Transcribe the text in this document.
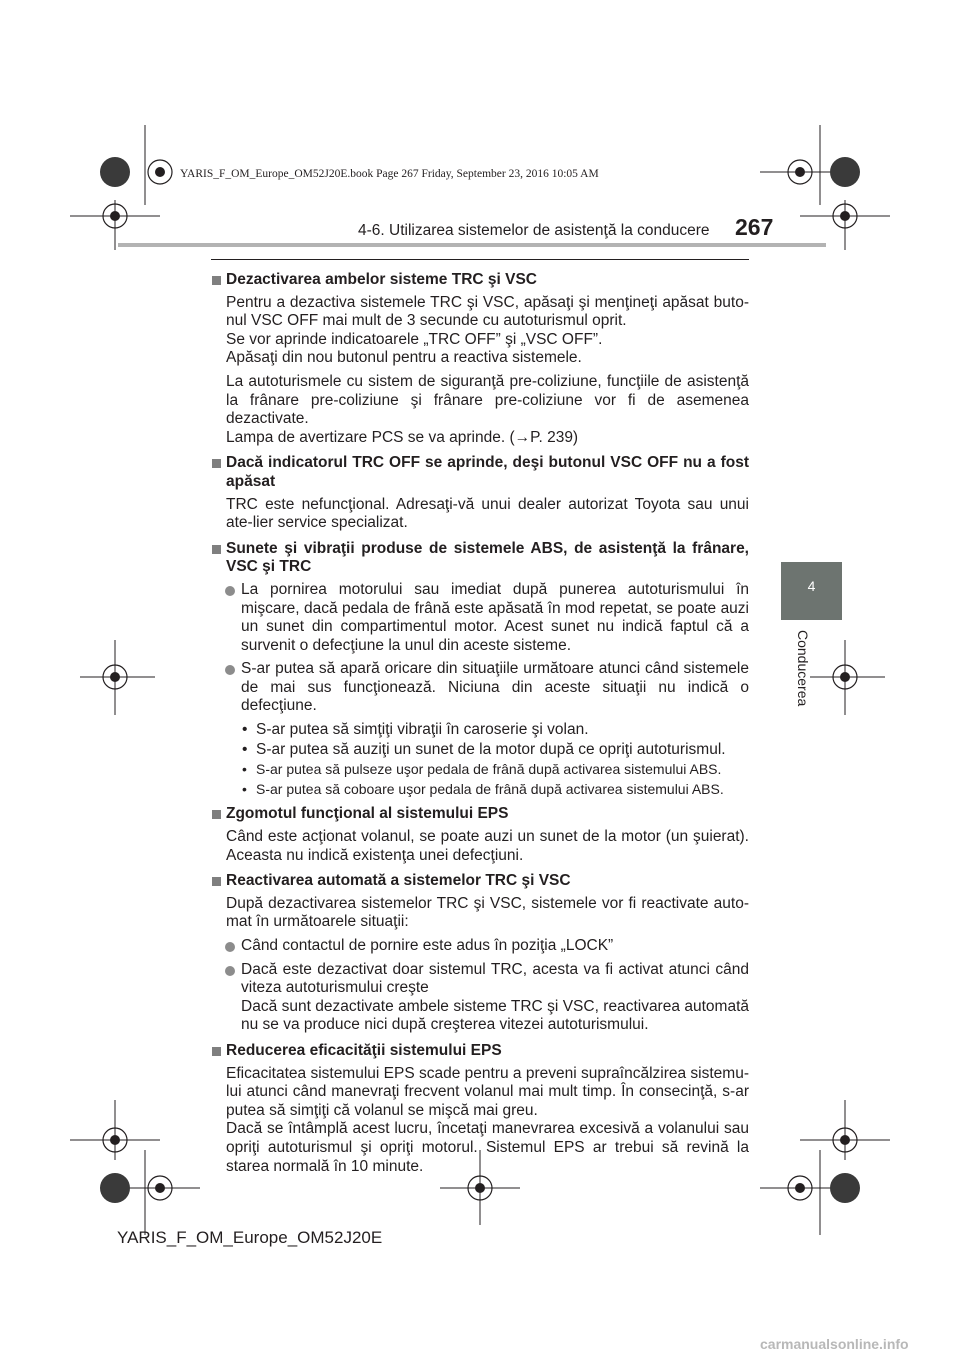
YARIS_F_OM_Europe_OM52J20E.book Page 267 Friday, September 23, 2016 10:05 AM
4-6. Utilizarea sistemelor de asistenţă la conducere 267
4
Conducerea
Dezactivarea ambelor sisteme TRC şi VSC
Pentru a dezactiva sistemele TRC şi VSC, apăsaţi şi menţineţi apăsat buto-nul VSC OFF mai mult de 3 secunde cu autoturismul oprit.
Se vor aprinde indicatoarele „TRC OFF” şi „VSC OFF”.
Apăsaţi din nou butonul pentru a reactiva sistemele.
La autoturismele cu sistem de siguranţă pre-coliziune, funcţiile de asistenţă la frânare pre-coliziune şi frânare pre-coliziune vor fi de asemenea dezactivate.
Lampa de avertizare PCS se va aprinde. (→P. 239)
Dacă indicatorul TRC OFF se aprinde, deşi butonul VSC OFF nu a fost apăsat
TRC este nefuncţional. Adresaţi-vă unui dealer autorizat Toyota sau unui ate-lier service specializat.
Sunete şi vibraţii produse de sistemele ABS, de asistenţă la frânare, VSC şi TRC
La pornirea motorului sau imediat după punerea autoturismului în mişcare, dacă pedala de frână este apăsată în mod repetat, se poate auzi un sunet din compartimentul motor. Acest sunet nu indică faptul că a survenit o defecţiune la unul din aceste sisteme.
S-ar putea să apară oricare din situaţiile următoare atunci când sistemele de mai sus funcţionează. Niciuna din aceste situaţii nu indică o defecţiune.
• S-ar putea să simţiţi vibraţii în caroserie şi volan.
• S-ar putea să auziţi un sunet de la motor după ce opriţi autoturismul.
• S-ar putea să pulseze uşor pedala de frână după activarea sistemului ABS.
• S-ar putea să coboare uşor pedala de frână după activarea sistemului ABS.
Zgomotul funcţional al sistemului EPS
Când este acţionat volanul, se poate auzi un sunet de la motor (un şuierat). Aceasta nu indică existenţa unei defecţiuni.
Reactivarea automată a sistemelor TRC şi VSC
După dezactivarea sistemelor TRC şi VSC, sistemele vor fi reactivate auto-mat în următoarele situaţii:
Când contactul de pornire este adus în poziţia „LOCK”
Dacă este dezactivat doar sistemul TRC, acesta va fi activat atunci când viteza autoturismului creşte
Dacă sunt dezactivate ambele sisteme TRC şi VSC, reactivarea automată nu se va produce nici după creşterea vitezei autoturismului.
Reducerea eficacităţii sistemului EPS
Eficacitatea sistemului EPS scade pentru a preveni supraîncălzirea sistemu-lui atunci când manevraţi frecvent volanul mai mult timp. În consecinţă, s-ar putea să simţiţi că volanul se mişcă mai greu.
Dacă se întâmplă acest lucru, încetaţi manevrarea excesivă a volanului sau opriţi autoturismul şi opriţi motorul. Sistemul EPS ar trebui să revină la starea normală în 10 minute.
YARIS_F_OM_Europe_OM52J20E
carmanualsonline.info
